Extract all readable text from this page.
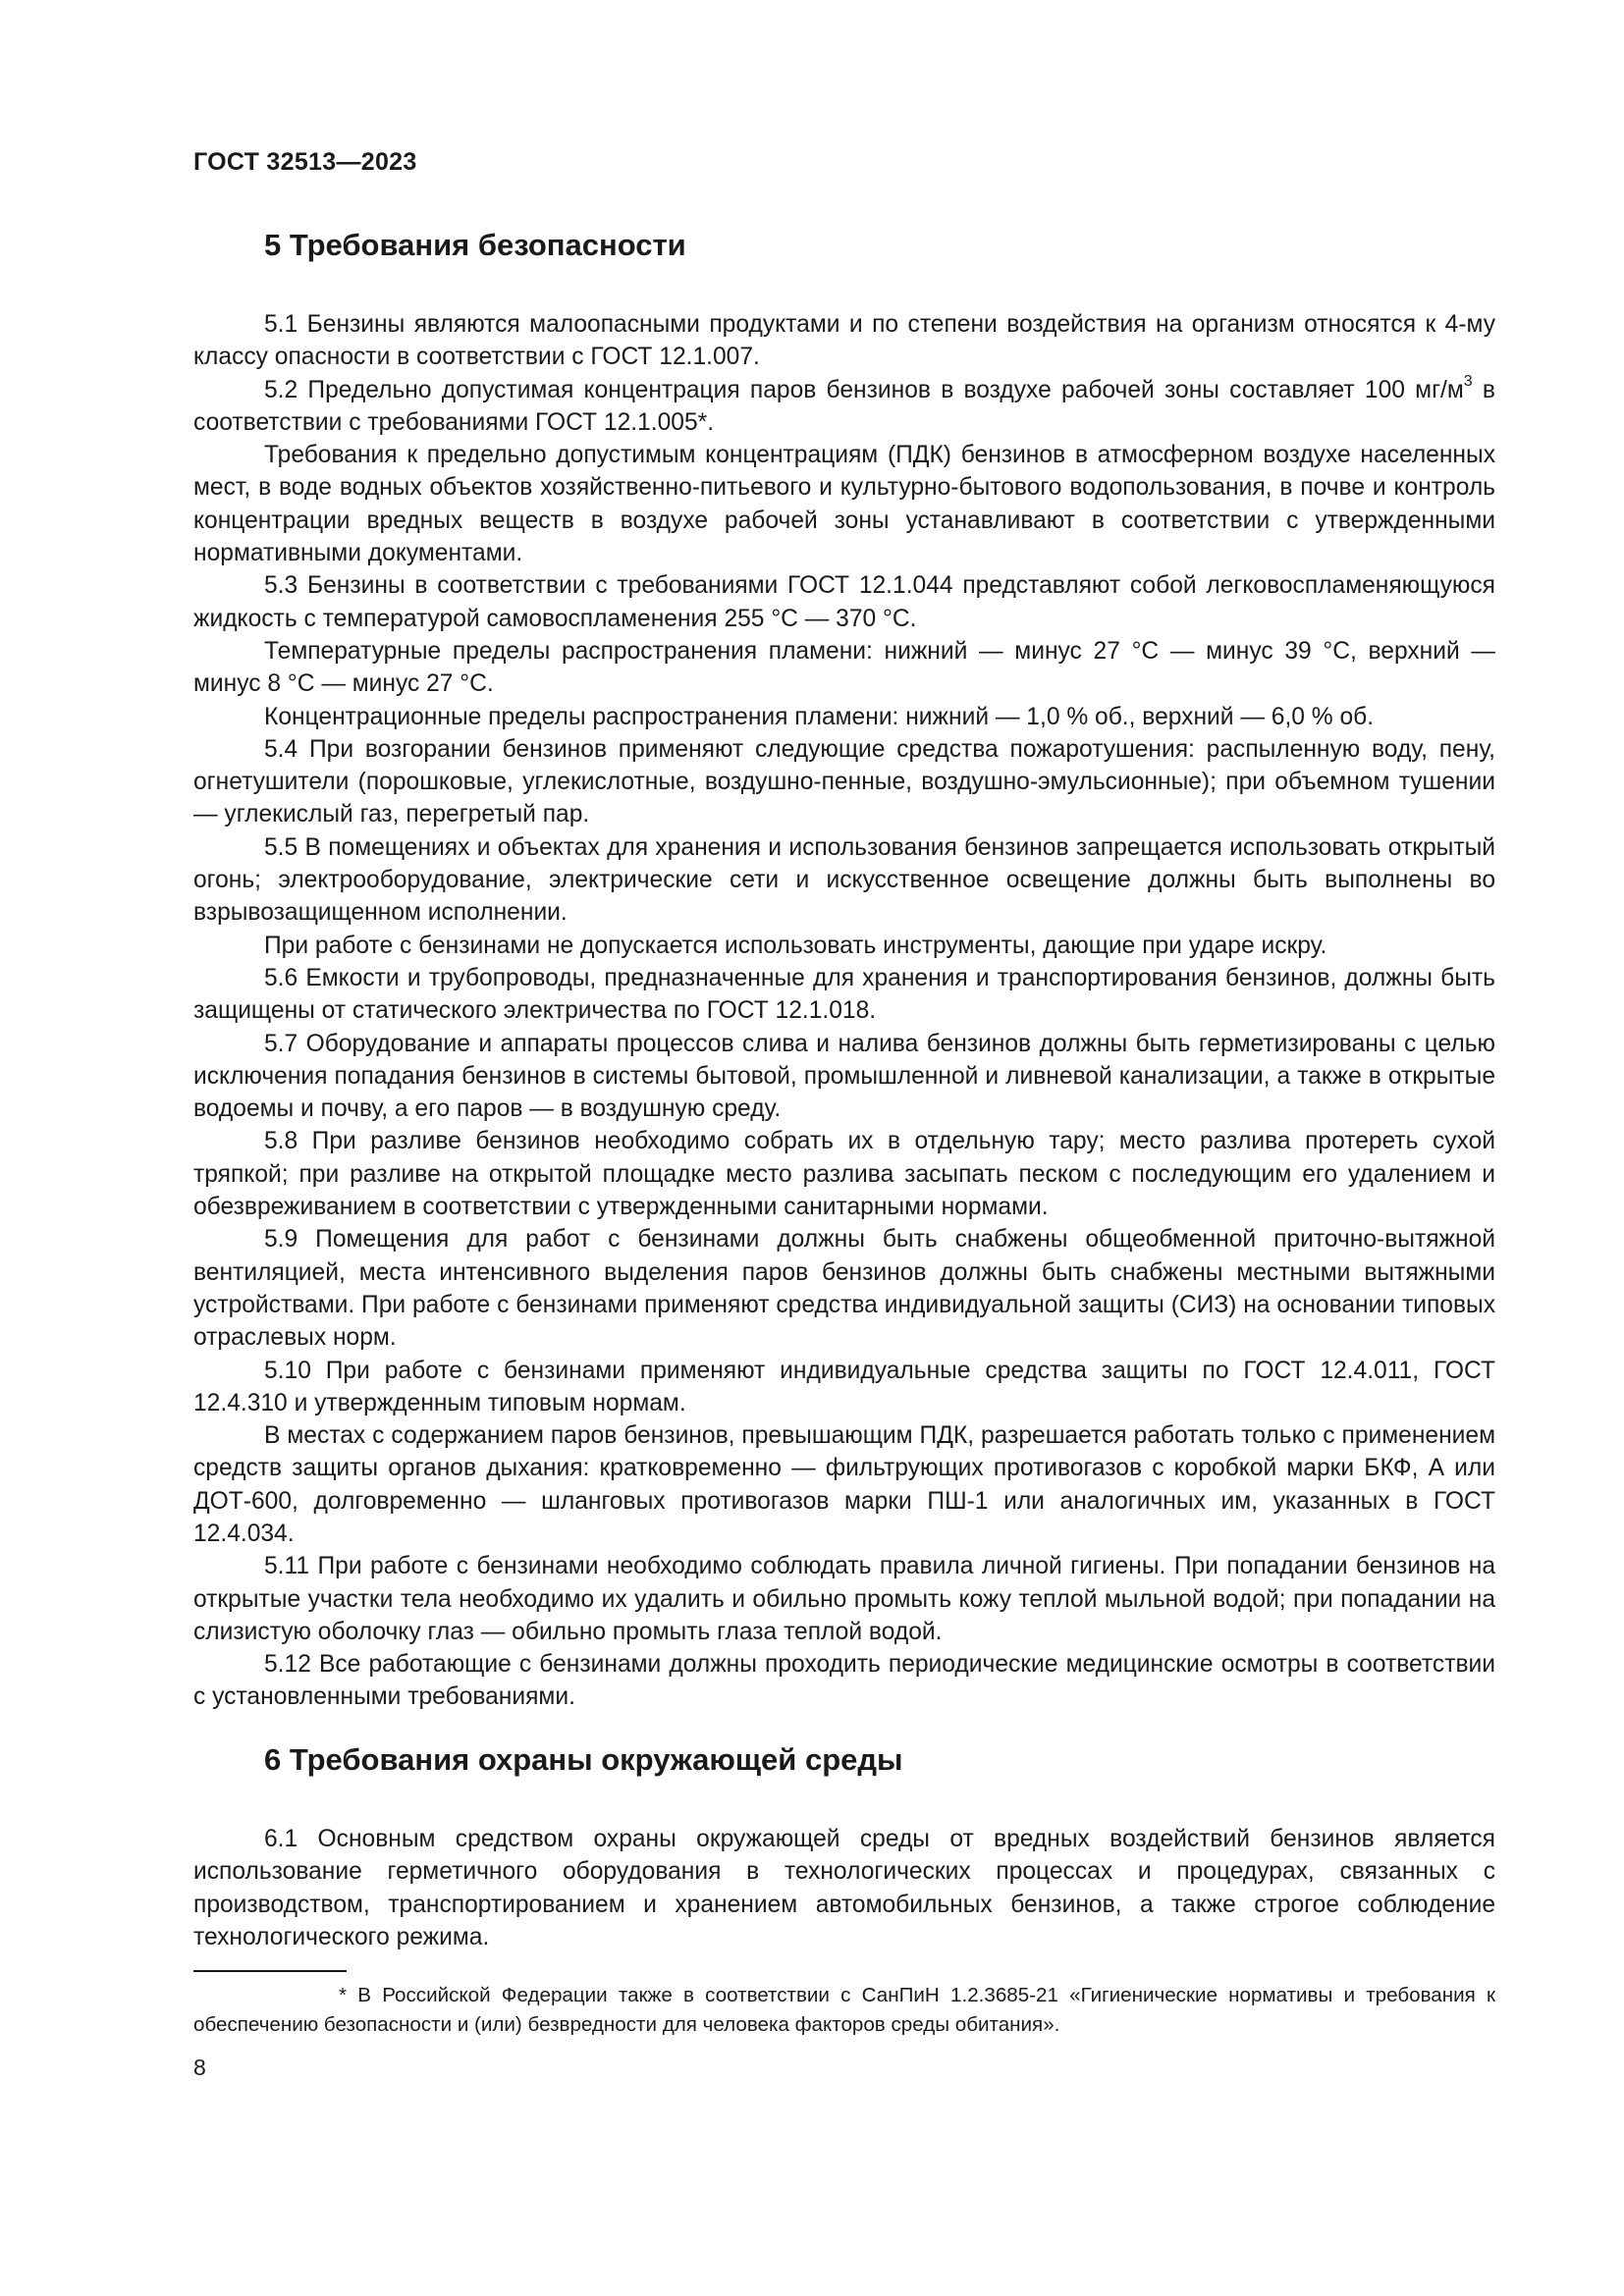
ГОСТ 32513—2023
5 Требования безопасности

5.1 Бензины являются малоопасными продуктами и по степени воздействия на организм относятся к 4-му классу опасности в соответствии с ГОСТ 12.1.007.

5.2 Предельно допустимая концентрация паров бензинов в воздухе рабочей зоны составляет 100 $мг/м^3$ в соответствии с требованиями ГОСТ 12.1.005*.

Требования к предельно допустимым концентрациям (ПДК) бензинов в атмосферном воздухе населенных мест, в воде водных объектов хозяйственно-питьевого и культурно-бытового водопользования, в почве и контроль концентрации вредных веществ в воздухе рабочей зоны устанавливают в соответствии с утвержденными нормативными документами.

5.3 Бензины в соответствии с требованиями ГОСТ 12.1.044 представляют собой легковоспламеняющуюся жидкость с температурой самовоспламенения 255 °С — 370 °С.

Температурные пределы распространения пламени: нижний — минус 27 °С — минус 39 °С, верхний — минус 8 °С — минус 27 °С.

Концентрационные пределы распространения пламени: нижний — 1,0 % об., верхний — 6,0 % об.

5.4 При возгорании бензинов применяют следующие средства пожаротушения: распыленную воду, пену, огнетушители (порошковые, углекислотные, воздушно-пенные, воздушно-эмульсионные); при объемном тушении — углекислый газ, перегретый пар.

5.5 В помещениях и объектах для хранения и использования бензинов запрещается использовать открытый огонь; электрооборудование, электрические сети и искусственное освещение должны быть выполнены во взрывозащищенном исполнении.

При работе с бензинами не допускается использовать инструменты, дающие при ударе искру.

5.6 Емкости и трубопроводы, предназначенные для хранения и транспортирования бензинов, должны быть защищены от статического электричества по ГОСТ 12.1.018.

5.7 Оборудование и аппараты процессов слива и налива бензинов должны быть герметизированы с целью исключения попадания бензинов в системы бытовой, промышленной и ливневой канализации, а также в открытые водоемы и почву, а его паров — в воздушную среду.

5.8 При разливе бензинов необходимо собрать их в отдельную тару; место разлива протереть сухой тряпкой; при разливе на открытой площадке место разлива засыпать песком с последующим его удалением и обезвреживанием в соответствии с утвержденными санитарными нормами.

5.9 Помещения для работ с бензинами должны быть снабжены общеобменной приточно-вытяжной вентиляцией, места интенсивного выделения паров бензинов должны быть снабжены местными вытяжными устройствами. При работе с бензинами применяют средства индивидуальной защиты (СИЗ) на основании типовых отраслевых норм.

5.10 При работе с бензинами применяют индивидуальные средства защиты по ГОСТ 12.4.011, ГОСТ 12.4.310 и утвержденным типовым нормам.

В местах с содержанием паров бензинов, превышающим ПДК, разрешается работать только с применением средств защиты органов дыхания: кратковременно — фильтрующих противогазов с коробкой марки БКФ, А или ДОТ-600, долговременно — шланговых противогазов марки ПШ-1 или аналогичных им, указанных в ГОСТ 12.4.034.

5.11 При работе с бензинами необходимо соблюдать правила личной гигиены. При попадании бензинов на открытые участки тела необходимо их удалить и обильно промыть кожу теплой мыльной водой; при попадании на слизистую оболочку глаз — обильно промыть глаза теплой водой.

5.12 Все работающие с бензинами должны проходить периодические медицинские осмотры в соответствии с установленными требованиями.

6 Требования охраны окружающей среды

6.1 Основным средством охраны окружающей среды от вредных воздействий бензинов является использование герметичного оборудования в технологических процессах и процедурах, связанных с производством, транспортированием и хранением автомобильных бензинов, а также строгое соблюдение технологического режима.

* В Российской Федерации также в соответствии с СанПиН 1.2.3685-21 «Гигиенические нормативы и требования к обеспечению безопасности и (или) безвредности для человека факторов среды обитания».
8
